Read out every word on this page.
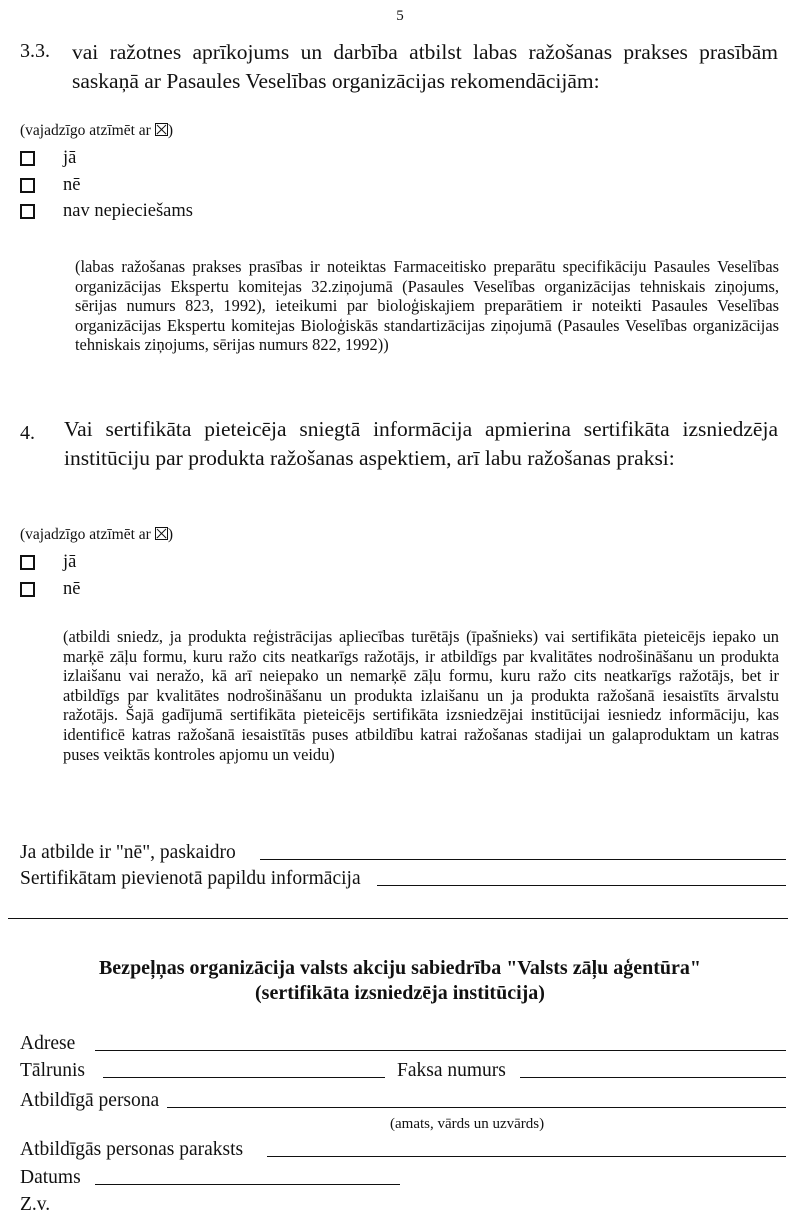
5
3.3. vai ražotnes aprīkojums un darbība atbilst labas ražošanas prakses prasībām saskaņā ar Pasaules Veselības organizācijas rekomendācijām:
(vajadzīgo atzīmēt ar )
jā
nē
nav nepieciešams
(labas ražošanas prakses prasības ir noteiktas Farmaceitisko preparātu specifikāciju Pasaules Veselības organizācijas Ekspertu komitejas 32.ziņojumā (Pasaules Veselības organizācijas tehniskais ziņojums, sērijas numurs 823, 1992), ieteikumi par bioloģiskajiem preparātiem ir noteikti Pasaules Veselības organizācijas Ekspertu komitejas Bioloģiskās standartizācijas ziņojumā (Pasaules Veselības organizācijas tehniskais ziņojums, sērijas numurs 822, 1992))
4. Vai sertifikāta pieteicēja sniegtā informācija apmierina sertifikāta izsniedzēja institūciju par produkta ražošanas aspektiem, arī labu ražošanas praksi:
(vajadzīgo atzīmēt ar )
jā
nē
(atbildi sniedz, ja produkta reģistrācijas apliecības turētājs (īpašnieks) vai sertifikāta pieteicējs iepako un marķē zāļu formu, kuru ražo cits neatkarīgs ražotājs, ir atbildīgs par kvalitātes nodrošināšanu un produkta izlaišanu vai neražo, kā arī neiepako un nemarķē zāļu formu, kuru ražo cits neatkarīgs ražotājs, bet ir atbildīgs par kvalitātes nodrošināšanu un produkta izlaišanu un ja produkta ražošanā iesaistīts ārvalstu ražotājs. Šajā gadījumā sertifikāta pieteicējs sertifikāta izsniedzējai institūcijai iesniedz informāciju, kas identificē katras ražošanā iesaistītās puses atbildību katrai ražošanas stadijai un galaproduktam un katras puses veiktās kontroles apjomu un veidu)
Ja atbilde ir "nē", paskaidro
Sertifikātam pievienotā papildu informācija
Bezpeļņas organizācija valsts akciju sabiedrība "Valsts zāļu aģentūra"
(sertifikāta izsniedzēja institūcija)
Adrese
Tālrunis	Faksa numurs
Atbildīgā persona
(amats, vārds un uzvārds)
Atbildīgās personas paraksts
Datums
Z.v.
